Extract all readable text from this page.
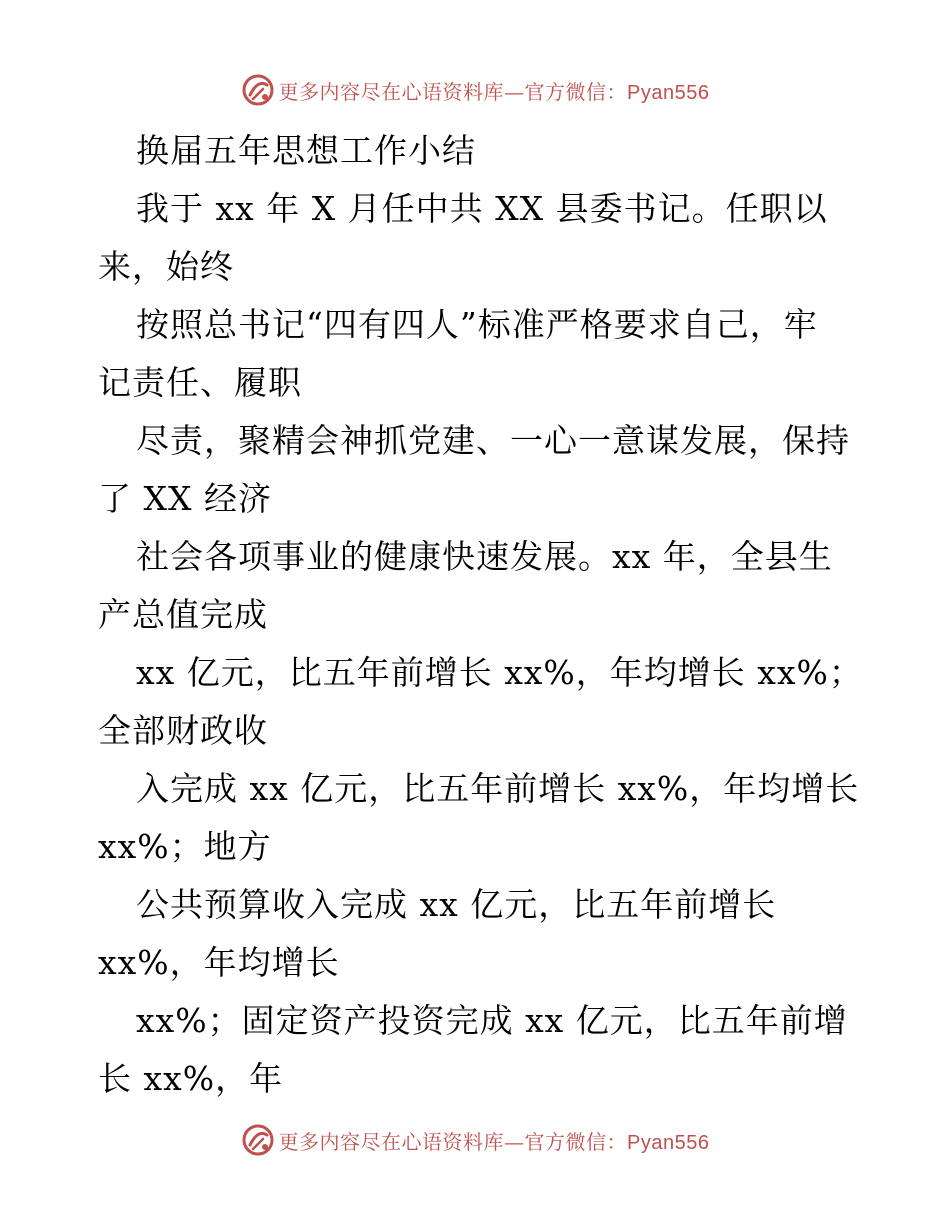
更多内容尽在心语资料库—官方微信：Pyan556
换届五年思想工作小结
我于 xx 年 X 月任中共 XX 县委书记。任职以
来，始终
按照总书记“四有四人”标准严格要求自己，牢
记责任、履职
尽责，聚精会神抓党建、一心一意谋发展，保持
了 XX 经济
社会各项事业的健康快速发展。xx 年，全县生
产总值完成
xx 亿元，比五年前增长 xx%，年均增长 xx%；
全部财政收
入完成 xx 亿元，比五年前增长 xx%，年均增长
xx%；地方
公共预算收入完成 xx 亿元，比五年前增长
xx%，年均增长
xx%；固定资产投资完成 xx 亿元，比五年前增
长 xx%，年
更多内容尽在心语资料库—官方微信：Pyan556
